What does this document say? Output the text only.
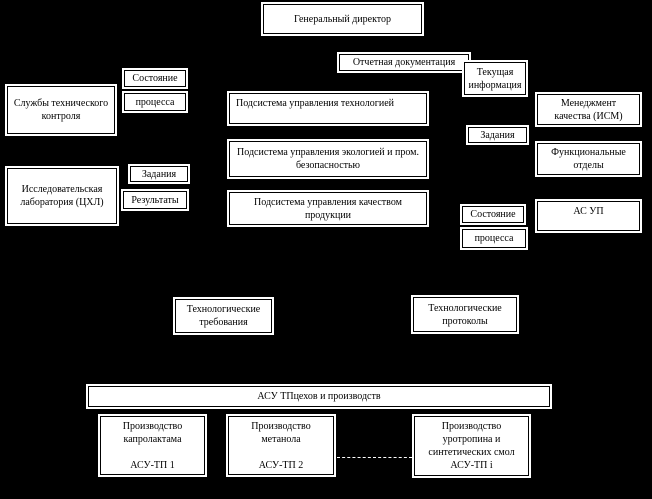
Генеральный директор
Службы технического
контроля
Состояние
процесса	Подсистема управления технологией
Подсистема управления экологией и пром.
безопасностью
Подсистема управления качеством
продукции
Отчетная документация
Текущая
информация
Менеджмент
качества (ИСМ)
Задания
Функциональные
отделы
АС УП
Состояние
процесса
Исследовательская
лаборатория (ЦХЛ)
Задания
Результаты
Технологические
требования
Технологические
протоколы
АСУ ТПцехов и производств
Производство
капролактама
АСУ-ТП 1
Производство
метанола
АСУ-ТП 2
Производство
уротропина и
синтетических смол
АСУ-ТП i
